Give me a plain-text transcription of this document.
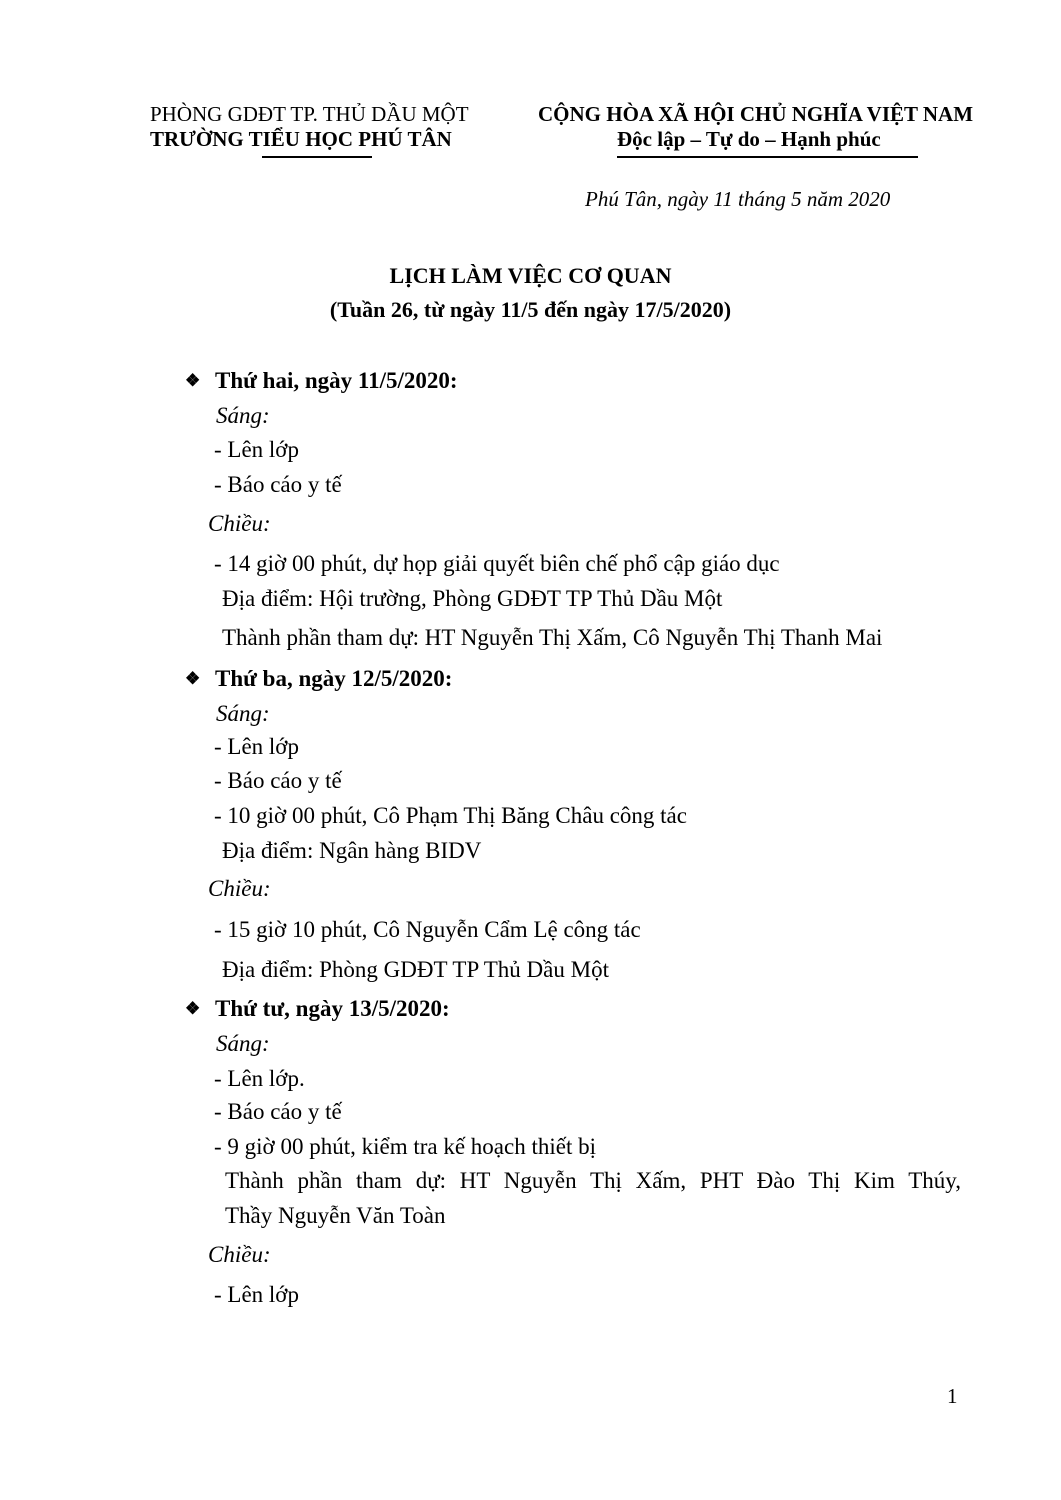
PHÒNG GDĐT TP. THỦ DẦU MỘT
TRƯỜNG TIỂU HỌC PHÚ TÂN
CỘNG HÒA XÃ HỘI CHỦ NGHĨA VIỆT NAM
Độc lập – Tự do – Hạnh phúc
Phú Tân, ngày 11 tháng 5 năm 2020
LỊCH LÀM VIỆC CƠ QUAN
(Tuần 26, từ ngày 11/5 đến ngày 17/5/2020)
❖ Thứ hai, ngày 11/5/2020:
Sáng:
- Lên lớp
- Báo cáo y tế
Chiều:
- 14 giờ 00 phút, dự họp giải quyết biên chế phổ cập giáo dục
Địa điểm: Hội trường, Phòng GDĐT TP Thủ Dầu Một
Thành phần tham dự: HT Nguyễn Thị Xấm, Cô Nguyễn Thị Thanh Mai
❖ Thứ ba, ngày 12/5/2020:
Sáng:
- Lên lớp
- Báo cáo y tế
- 10 giờ 00 phút, Cô Phạm Thị Băng Châu công tác
Địa điểm: Ngân hàng BIDV
Chiều:
- 15 giờ 10 phút, Cô Nguyễn Cẩm Lệ công tác
Địa điểm: Phòng GDĐT TP Thủ Dầu Một
❖ Thứ tư, ngày 13/5/2020:
Sáng:
- Lên lớp.
- Báo cáo y tế
- 9 giờ 00 phút, kiểm tra kế hoạch thiết bị
Thành phần tham dự: HT Nguyễn Thị Xấm, PHT Đào Thị Kim Thúy,
Thầy Nguyễn Văn Toàn
Chiều:
- Lên lớp
1
